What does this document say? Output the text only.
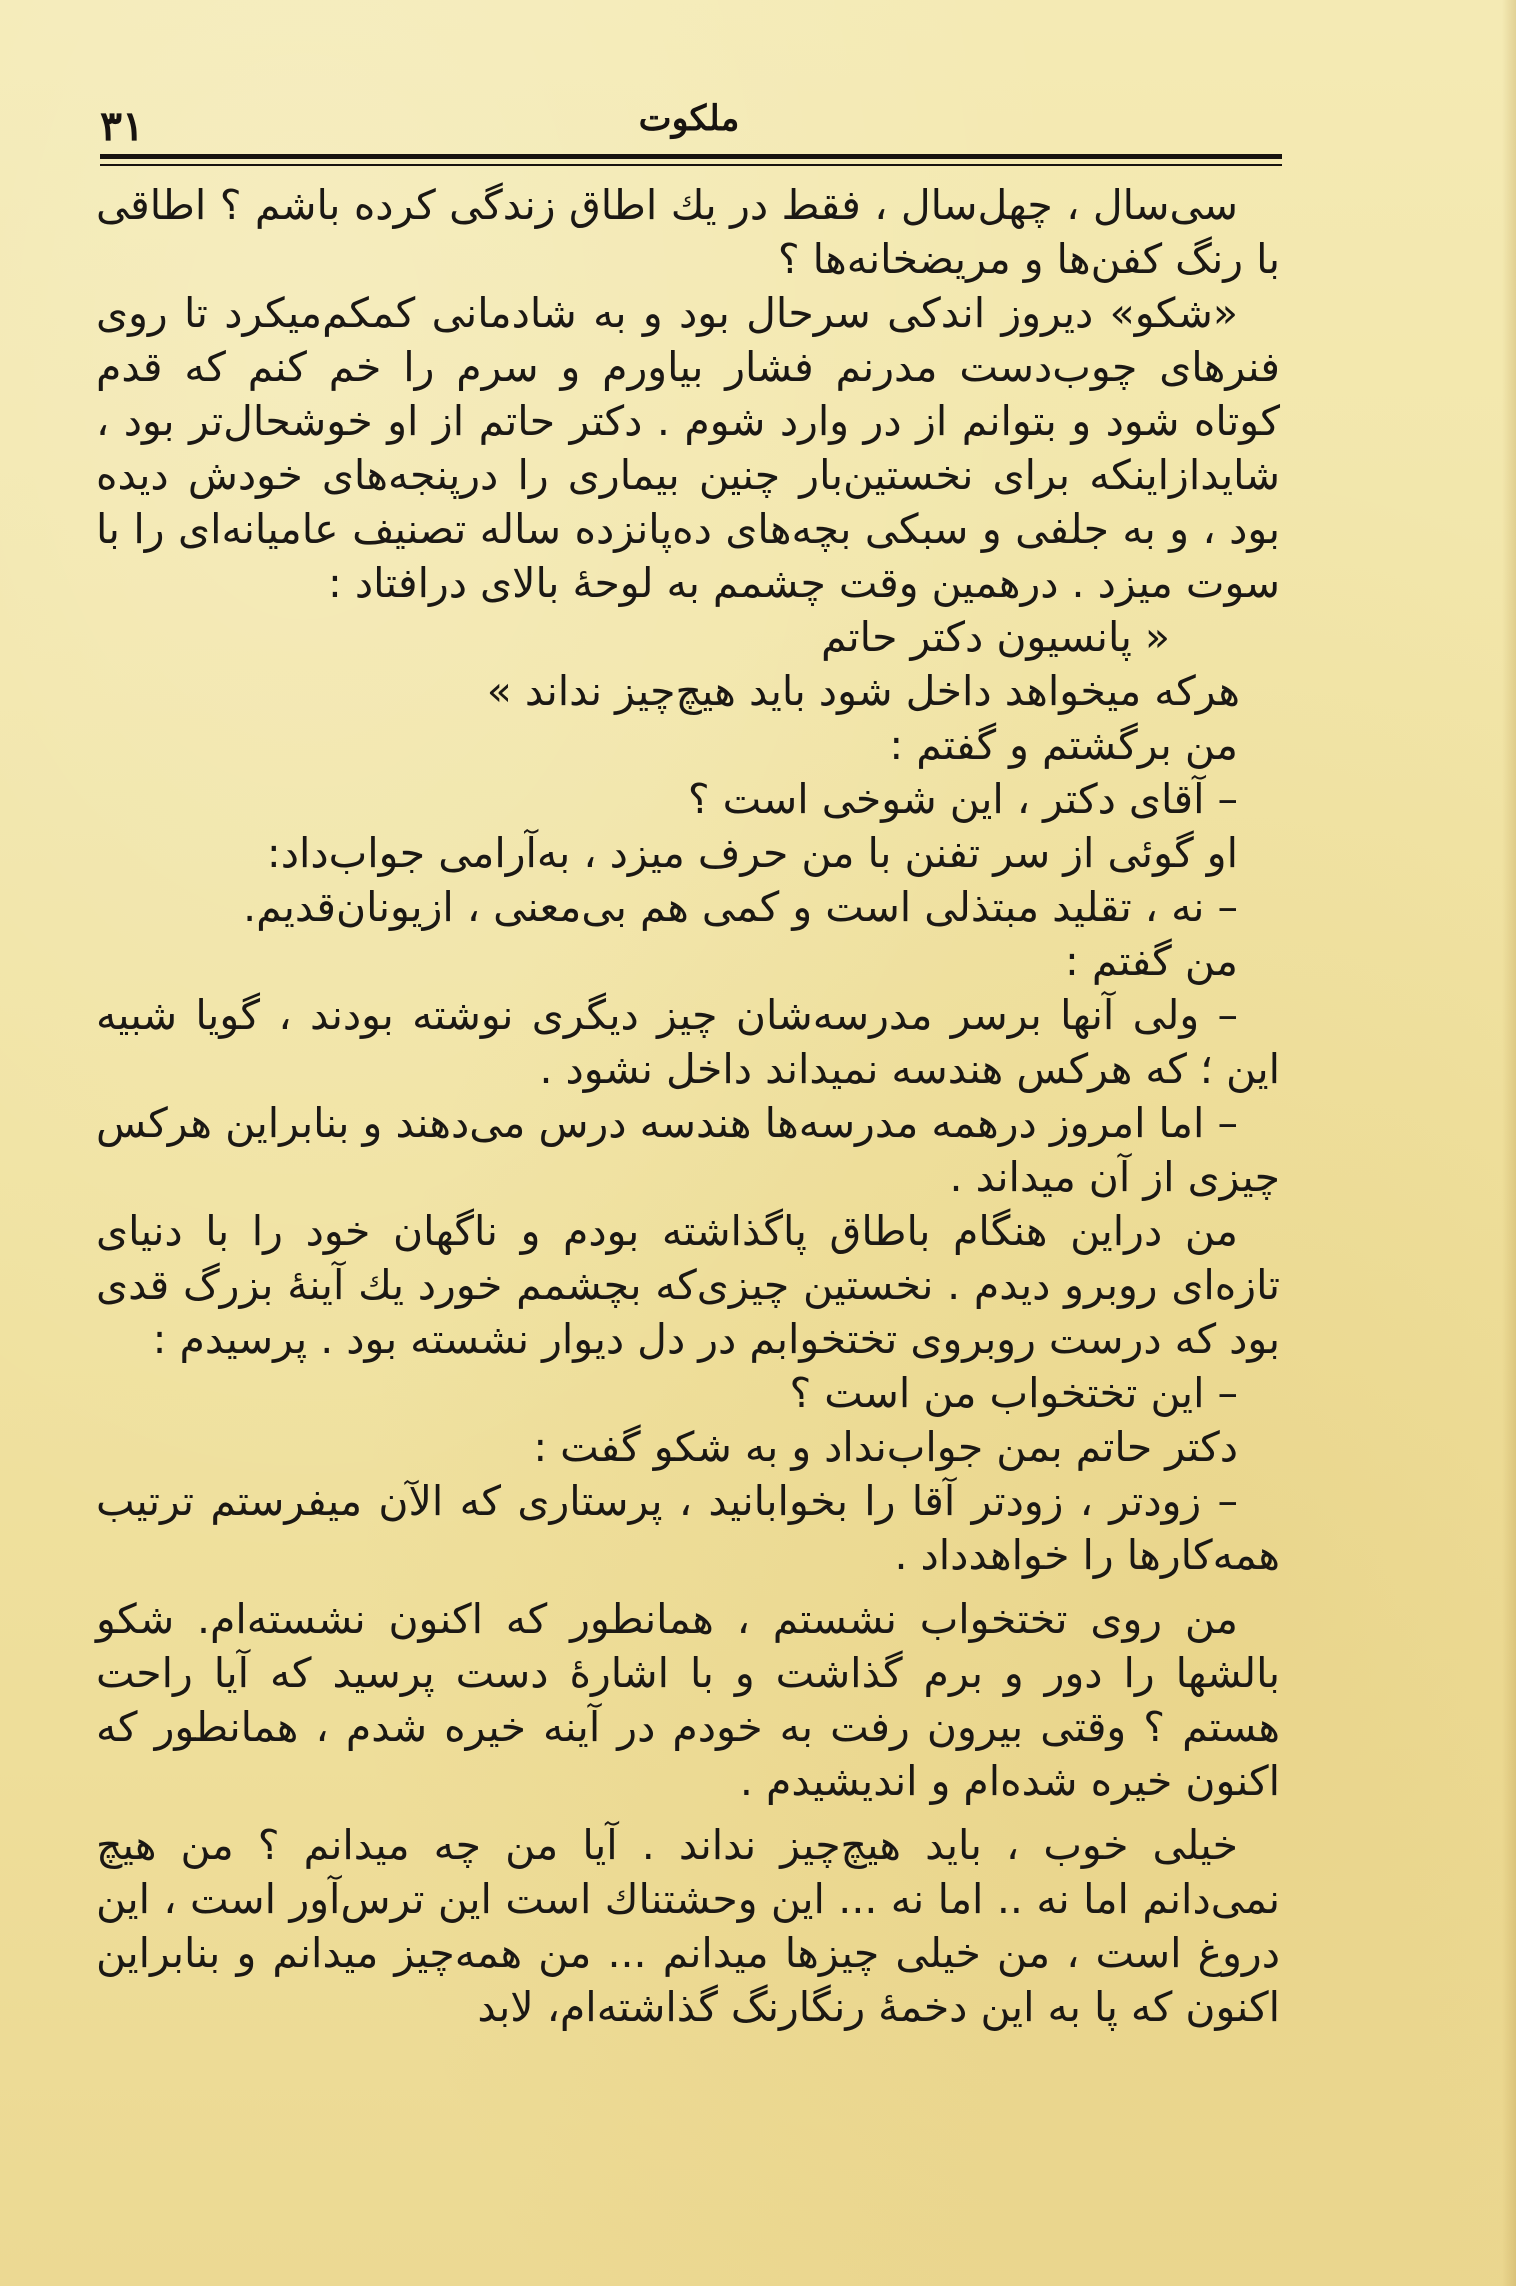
۳۱	ملکوت

سی‌سال ، چهل‌سال ، فقط در یك اطاق زندگی کرده باشم ؟ اطاقی با رنگ کفن‌ها و مریضخانه‌ها ؟

«شکو» دیروز اندکی سرحال بود و به شادمانی کمکم‌میکرد تا روی فنرهای چوب‌دست مدرنم فشار بیاورم و سرم را خم کنم که قدم کوتاه شود و بتوانم از در وارد شوم . دکتر حاتم از او خوشحال‌تر بود ، شایدازاینکه برای نخستین‌بار چنین بیماری را درپنجه‌های خودش دیده بود ، و به جلفی و سبکی بچه‌های ده‌پانزده ساله تصنیف عامیانه‌ای را با سوت میزد . درهمین وقت چشمم به لوحهٔ بالای درافتاد :

« پانسیون دکتر حاتم

هرکه میخواهد داخل شود باید هیچ‌چیز نداند »

من برگشتم و گفتم :

– آقای دکتر ، این شوخی است ؟

او گوئی از سر تفنن با من حرف میزد ، به‌آرامی جواب‌داد:

– نه ، تقلید مبتذلی است و کمی هم بی‌معنی ، ازیونان‌قدیم.

من گفتم :

– ولی آنها برسر مدرسه‌شان چیز دیگری نوشته بودند ، گویا شبیه این ؛ که هرکس هندسه نمیداند داخل نشود .

– اما امروز درهمه مدرسه‌ها هندسه درس می‌دهند و بنابراین هرکس چیزی از آن میداند .

من دراین هنگام باطاق پاگذاشته بودم و ناگهان خود را با دنیای تازه‌ای روبرو دیدم . نخستین چیزی‌که بچشمم خورد یك آینهٔ بزرگ قدی بود که درست روبروی تختخوابم در دل دیوار نشسته بود . پرسیدم :

– این تختخواب من است ؟

دکتر حاتم بمن جواب‌نداد و به شکو گفت :

– زودتر ، زودتر آقا را بخوابانید ، پرستاری که الآن میفرستم ترتیب همه‌کارها را خواهدداد .

من روی تختخواب نشستم ، همانطور که اکنون نشسته‌ام. شکو بالشها را دور و برم گذاشت و با اشارهٔ دست پرسید که آیا راحت هستم ؟ وقتی بیرون رفت به خودم در آینه خیره شدم ، همانطور که اکنون خیره شده‌ام و اندیشیدم .

خیلی خوب ، باید هیچ‌چیز نداند . آیا من چه میدانم ؟ من هیچ نمی‌دانم اما نه .. اما نه ... این وحشتناك است این ترس‌آور است ، این دروغ است ، من خیلی چیزها میدانم ... من همه‌چیز میدانم و بنابراین اکنون که پا به این دخمهٔ رنگارنگ گذاشته‌ام، لابد
